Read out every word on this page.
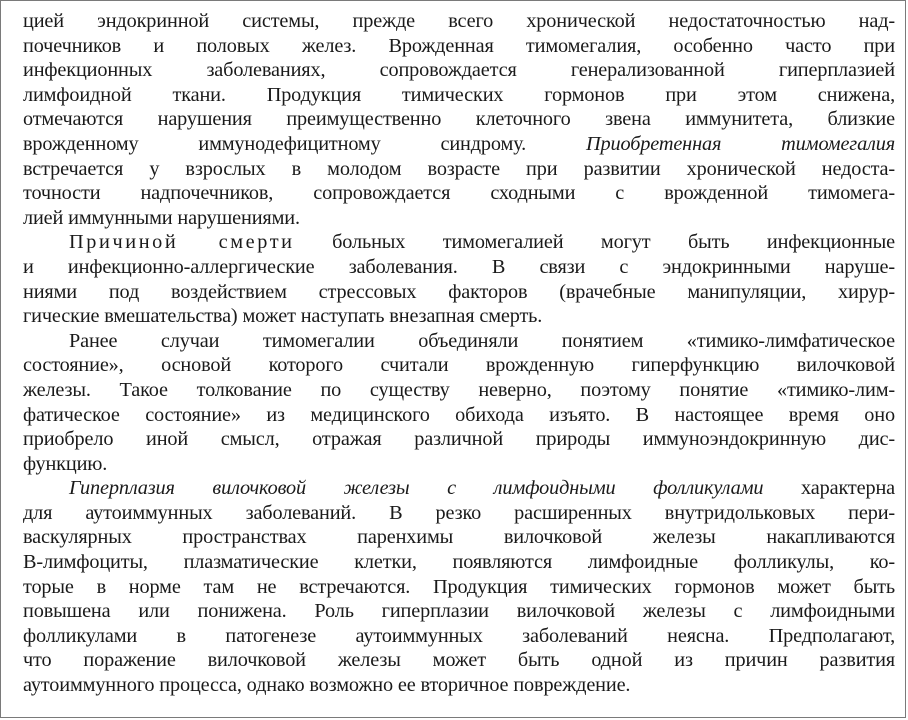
цией эндокринной системы, прежде всего хронической недостаточностью над-
почечников и половых желез. Врожденная тимомегалия, особенно часто при
инфекционных заболеваниях, сопровождается генерализованной гиперплазией
лимфоидной ткани. Продукция тимических гормонов при этом снижена,
отмечаются нарушения преимущественно клеточного звена иммунитета, близкие
врожденному иммунодефицитному синдрому.	Приобретенная тимомегалия
встречается у взрослых в молодом возрасте при развитии хронической недоста-
точности надпочечников, сопровождается сходными с врожденной тимомега-
лией иммунными нарушениями.
Причиной смерти больных тимомегалией могут быть инфекционные
и инфекционно-аллергические заболевания. В связи с эндокринными наруше-
ниями под воздействием стрессовых факторов (врачебные манипуляции, хирур-
гические вмешательства) может наступать внезапная смерть.
Ранее случаи тимомегалии объединяли понятием «тимико-лимфатическое
состояние», основой которого считали врожденную гиперфункцию вилочковой
железы. Такое толкование по существу неверно, поэтому понятие «тимико-лим-
фатическое состояние» из медицинского обихода изъято. В настоящее время оно
приобрело иной смысл, отражая различной природы иммуноэндокринную дис-
функцию.
Гиперплазия вилочковой железы с лимфоидными фолликулами характерна
для аутоиммунных заболеваний. В резко расширенных внутридольковых пери-
васкулярных пространствах паренхимы вилочковой железы накапливаются
В-лимфоциты, плазматические клетки, появляются лимфоидные фолликулы, ко-
торые в норме там не встречаются. Продукция тимических гормонов может быть
повышена или понижена. Роль гиперплазии вилочковой железы с лимфоидными
фолликулами в патогенезе аутоиммунных заболеваний неясна. Предполагают,
что поражение вилочковой железы может быть одной из причин развития
аутоиммунного процесса, однако возможно ее вторичное повреждение.
